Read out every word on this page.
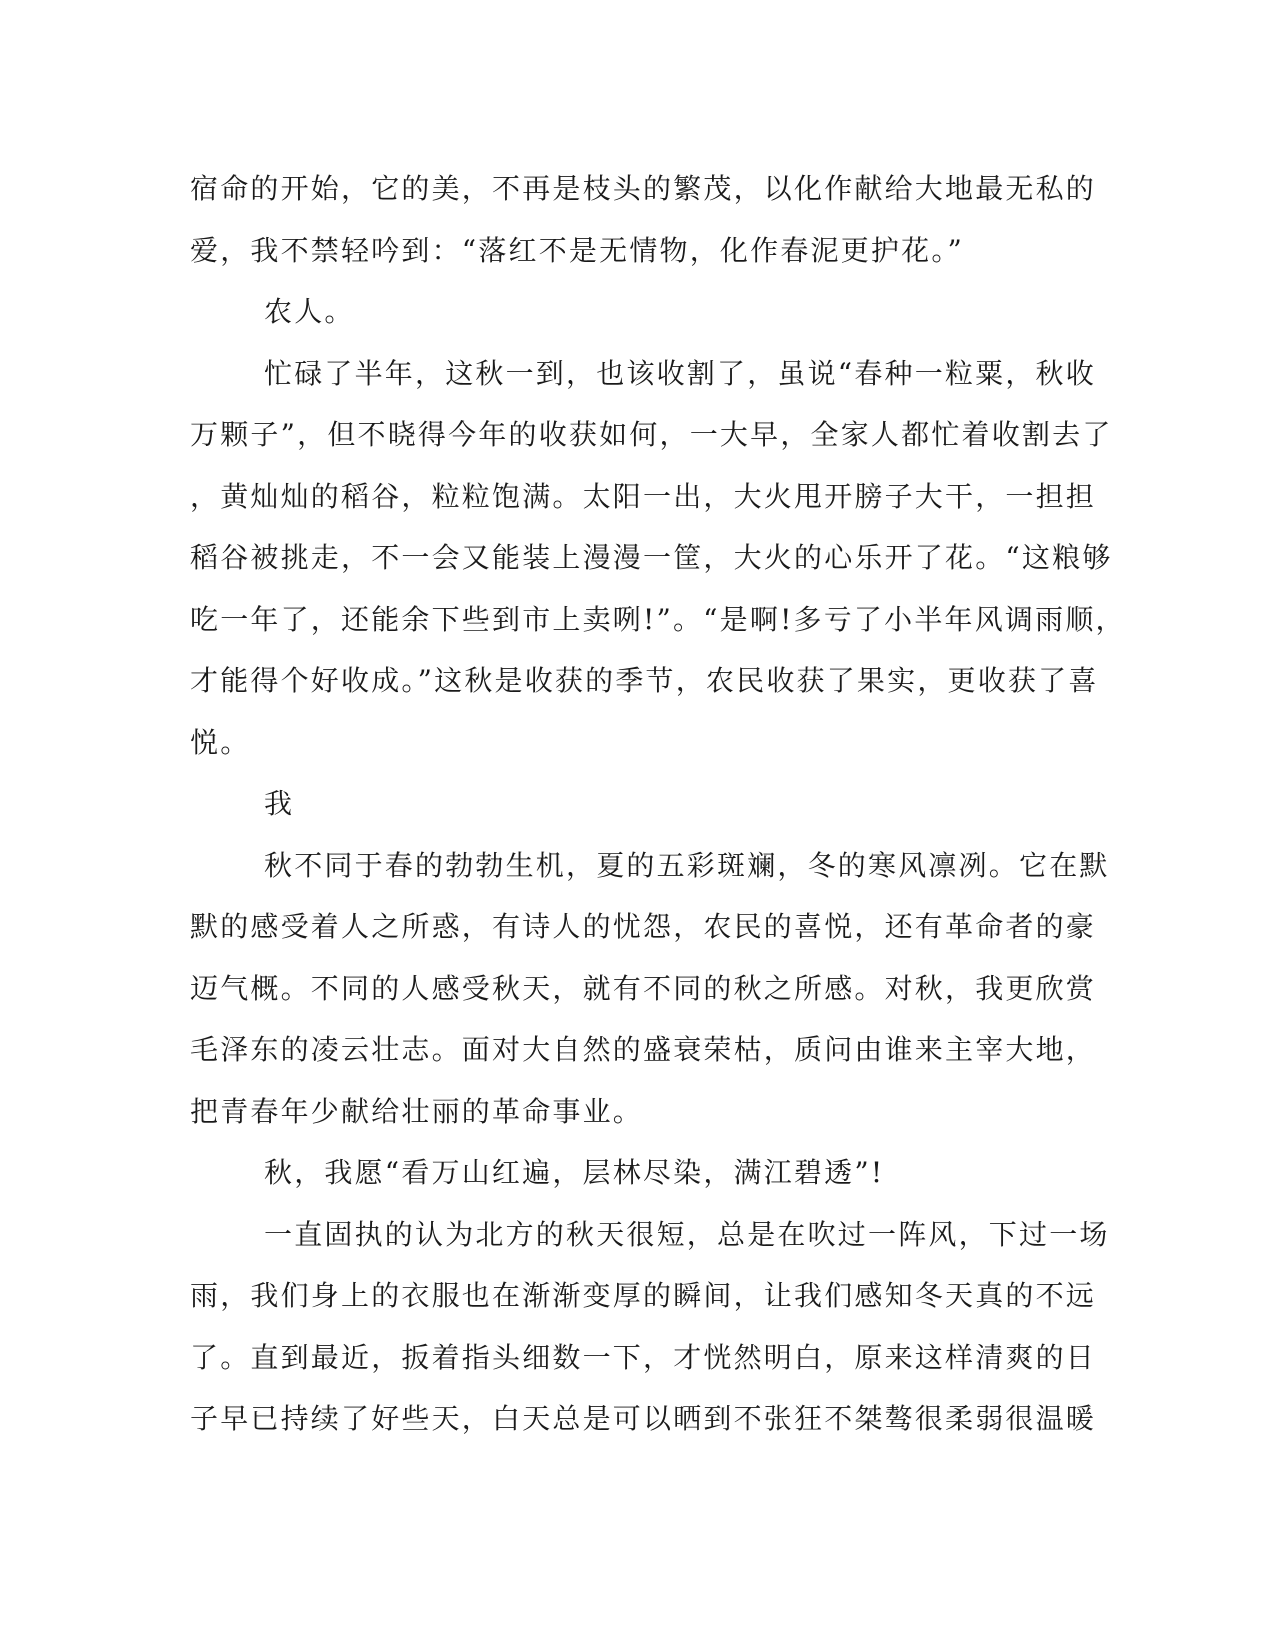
宿命的开始，它的美，不再是枝头的繁茂，以化作献给大地最无私的
爱，我不禁轻吟到：“落红不是无情物，化作春泥更护花。”
农人。
忙碌了半年，这秋一到，也该收割了，虽说“春种一粒粟，秋收
万颗子”，但不晓得今年的收获如何，一大早，全家人都忙着收割去了
，黄灿灿的稻谷，粒粒饱满。太阳一出，大火甩开膀子大干，一担担
稻谷被挑走，不一会又能装上漫漫一筐，大火的心乐开了花。“这粮够
吃一年了，还能余下些到市上卖咧!”。“是啊!多亏了小半年风调雨顺，
才能得个好收成。”这秋是收获的季节，农民收获了果实，更收获了喜
悦。
我
秋不同于春的勃勃生机，夏的五彩斑斓，冬的寒风凛冽。它在默
默的感受着人之所惑，有诗人的忧怨，农民的喜悦，还有革命者的豪
迈气概。不同的人感受秋天，就有不同的秋之所感。对秋，我更欣赏
毛泽东的凌云壮志。面对大自然的盛衰荣枯，质问由谁来主宰大地，
把青春年少献给壮丽的革命事业。
秋，我愿“看万山红遍，层林尽染，满江碧透”!
一直固执的认为北方的秋天很短，总是在吹过一阵风，下过一场
雨，我们身上的衣服也在渐渐变厚的瞬间，让我们感知冬天真的不远
了。直到最近，扳着指头细数一下，才恍然明白，原来这样清爽的日
子早已持续了好些天，白天总是可以晒到不张狂不桀骜很柔弱很温暖
